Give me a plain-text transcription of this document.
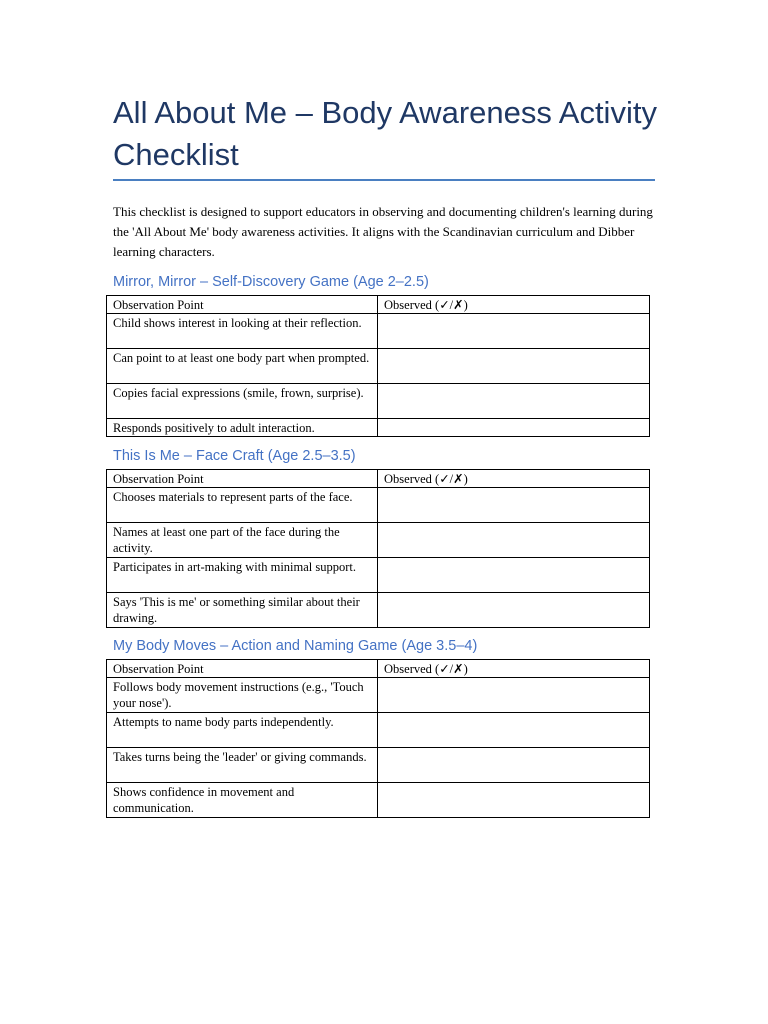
All About Me – Body Awareness Activity Checklist

This checklist is designed to support educators in observing and documenting children's learning during the 'All About Me' body awareness activities. It aligns with the Scandinavian curriculum and Dibber learning characters.

Mirror, Mirror – Self-Discovery Game (Age 2–2.5)
Observation Point	Observed (✓/✗)
Child shows interest in looking at their reflection.	
Can point to at least one body part when prompted.	
Copies facial expressions (smile, frown, surprise).	
Responds positively to adult interaction.	
This Is Me – Face Craft (Age 2.5–3.5)
Observation Point	Observed (✓/✗)
Chooses materials to represent parts of the face.	
Names at least one part of the face during the activity.	
Participates in art-making with minimal support.	
Says 'This is me' or something similar about their drawing.	
My Body Moves – Action and Naming Game (Age 3.5–4)
Observation Point	Observed (✓/✗)
Follows body movement instructions (e.g., 'Touch your nose').	
Attempts to name body parts independently.	
Takes turns being the 'leader' or giving commands.	
Shows confidence in movement and communication.	
